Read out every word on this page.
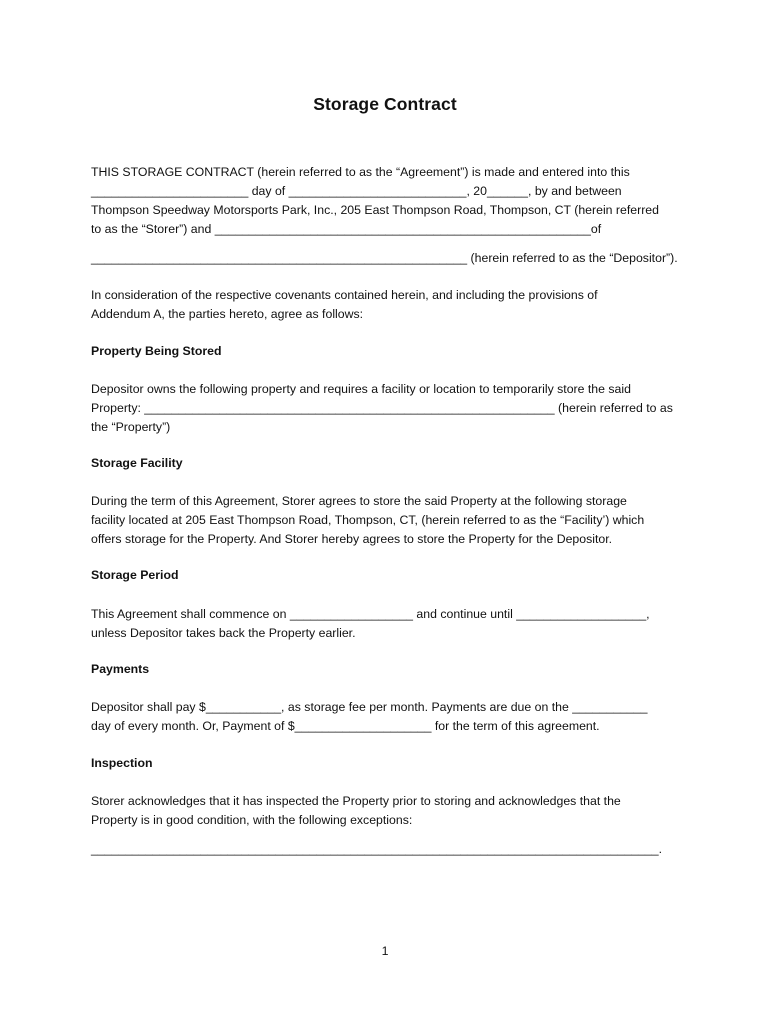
Storage Contract

THIS STORAGE CONTRACT (herein referred to as the “Agreement”) is made and entered into this

_______________________ day of __________________________, 20______, by and between

Thompson Speedway Motorsports Park, Inc., 205 East Thompson Road, Thompson, CT (herein referred

to as the “Storer”) and _______________________________________________________of

_______________________________________________________ (herein referred to as the “Depositor”).

In consideration of the respective covenants contained herein, and including the provisions of

Addendum A, the parties hereto, agree as follows:

Property Being Stored

Depositor owns the following property and requires a facility or location to temporarily store the said

Property: ____________________________________________________________ (herein referred to as

the “Property”)

Storage Facility

During the term of this Agreement, Storer agrees to store the said Property at the following storage

facility located at 205 East Thompson Road, Thompson, CT, (herein referred to as the “Facility’) which

offers storage for the Property. And Storer hereby agrees to store the Property for the Depositor.

Storage Period

This Agreement shall commence on __________________ and continue until ___________________,

unless Depositor takes back the Property earlier.

Payments

Depositor shall pay $___________, as storage fee per month. Payments are due on the ___________

day of every month. Or, Payment of $____________________ for the term of this agreement.

Inspection

Storer acknowledges that it has inspected the Property prior to storing and acknowledges that the

Property is in good condition, with the following exceptions:

___________________________________________________________________________________.

1
